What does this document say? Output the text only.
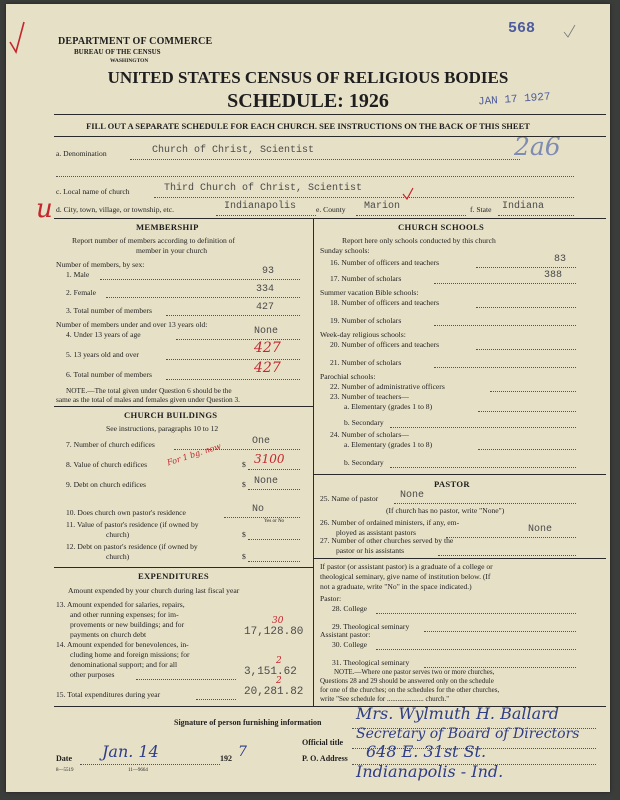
DEPARTMENT OF COMMERCE
BUREAU OF THE CENSUS
WASHINGTON
UNITED STATES CENSUS OF RELIGIOUS BODIES
SCHEDULE: 1926
568
JAN 17 1927
2a6
FILL OUT A SEPARATE SCHEDULE FOR EACH CHURCH. SEE INSTRUCTIONS ON THE BACK OF THIS SHEET
a. Denomination	Church of Christ, Scientist
c. Local name of church	Third Church of Christ, Scientist
u d. City, town, village, or township, etc.	Indianapolis	e. County Marion	f. State Indiana
MEMBERSHIP
Report number of members according to definition of
member in your church
Number of members, by sex:
1. Male	93
2. Female	334
3. Total number of members	427
Number of members under and over 13 years old:
4. Under 13 years of age	None
5. 13 years old and over	427
6. Total number of members	427
NOTE.—The total given under Question 6 should be the
same as the total of males and females given under Question 3.
CHURCH BUILDINGS
See instructions, paragraphs 10 to 12
7. Number of church edifices	One
8. Value of church edifices	$ 3100
For 1 bg. now
9. Debt on church edifices	$ None
10. Does church own pastor's residence	No
Yes or No
11. Value of pastor's residence (if owned by
church)	$
12. Debt on pastor's residence (if owned by
church)	$
EXPENDITURES
Amount expended by your church during last fiscal year
13. Amount expended for salaries, repairs,
and other running expenses; for im-
provements or new buildings; and for
payments on church debt	17,128.80
30
14. Amount expended for benevolences, in-
cluding home and foreign missions; for
denominational support; and for all
other purposes	3,151.62
2
15. Total expenditures during year	20,281.82
2
CHURCH SCHOOLS
Report here only schools conducted by this church
Sunday schools:
16. Number of officers and teachers	83
17. Number of scholars	388
Summer vacation Bible schools:
18. Number of officers and teachers
19. Number of scholars
Week-day religious schools:
20. Number of officers and teachers
21. Number of scholars
Parochial schools:
22. Number of administrative officers
23. Number of teachers—
a. Elementary (grades 1 to 8)
b. Secondary
24. Number of scholars—
a. Elementary (grades 1 to 8)
b. Secondary
PASTOR
25. Name of pastor None
(If church has no pastor, write "None")
26. Number of ordained ministers, if any, em-
ployed as assistant pastors	None
27. Number of other churches served by the
pastor or his assistants
If pastor (or assistant pastor) is a graduate of a college or
theological seminary, give name of institution below. (If
not a graduate, write "No" in the space indicated.)
Pastor:
28. College
29. Theological seminary
Assistant pastor:
30. College
31. Theological seminary
NOTE.—Where one pastor serves two or more churches,
Questions 28 and 29 should be answered only on the schedule
for one of the churches; on the schedules for the other churches,
write "See schedule for ..................... church."
Signature of person furnishing information Mrs. Wylmuth H. Ballard
Official title
Secretary of Board of Directors
Date Jan. 14	192 7	P. O. Address 648 E. 31st St.
Indianapolis - Ind.
8—5519	11—9664
